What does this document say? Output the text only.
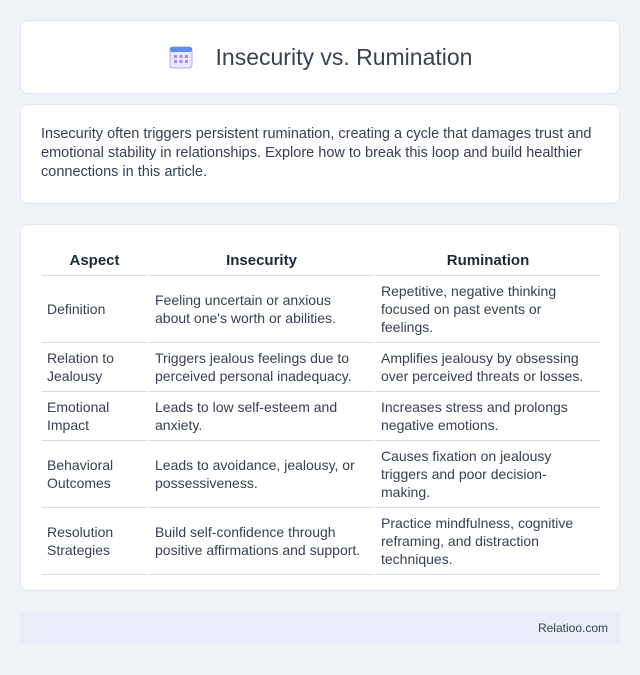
Insecurity vs. Rumination

Insecurity often triggers persistent rumination, creating a cycle that damages trust and emotional stability in relationships. Explore how to break this loop and build healthier connections in this article.

Aspect	Insecurity	Rumination
Definition	Feeling uncertain or anxious about one's worth or abilities.	Repetitive, negative thinking focused on past events or feelings.
Relation to Jealousy	Triggers jealous feelings due to perceived personal inadequacy.	Amplifies jealousy by obsessing over perceived threats or losses.
Emotional Impact	Leads to low self-esteem and anxiety.	Increases stress and prolongs negative emotions.
Behavioral Outcomes	Leads to avoidance, jealousy, or possessiveness.	Causes fixation on jealousy triggers and poor decision-making.
Resolution Strategies	Build self-confidence through positive affirmations and support.	Practice mindfulness, cognitive reframing, and distraction techniques.
Relatioo.com
